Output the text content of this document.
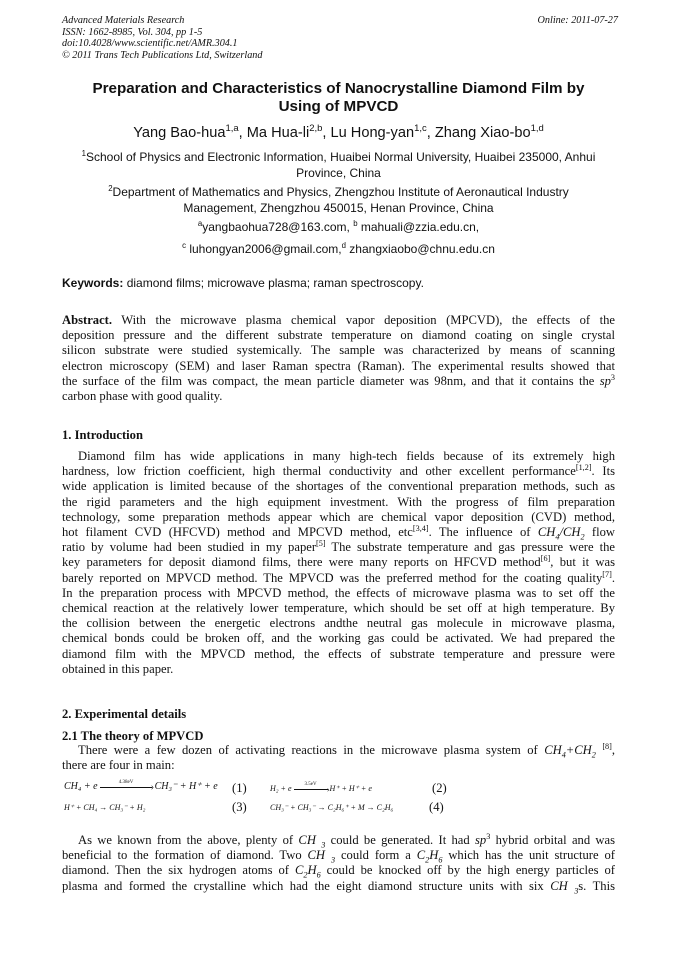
Advanced Materials Research
ISSN: 1662-8985, Vol. 304, pp 1-5
doi:10.4028/www.scientific.net/AMR.304.1
© 2011 Trans Tech Publications Ltd, Switzerland
Online: 2011-07-27
Preparation and Characteristics of Nanocrystalline Diamond Film by
Using of MPVCD
Yang Bao-hua$^{1,a}$, Ma Hua-li$^{2,b}$, Lu Hong-yan$^{1,c}$, Zhang Xiao-bo$^{1,d}$
$^1$School of Physics and Electronic Information, Huaibei Normal University, Huaibei 235000, Anhui
Province, China
$^2$Department of Mathematics and Physics, Zhengzhou Institute of Aeronautical Industry
Management, Zhengzhou 450015, Henan Province, China
$^a$yangbaohua728@163.com, $^b$ mahuali@zzia.edu.cn,
$^c$ luhongyan2006@gmail.com,$^d$ zhangxiaobo@chnu.edu.cn
Keywords: diamond films; microwave plasma; raman spectroscopy.
Abstract. With the microwave plasma chemical vapor deposition (MPCVD), the effects of the
deposition pressure and the different substrate temperature on diamond coating on single crystal
silicon substrate were studied systemically. The sample was characterized by means of scanning
electron microscopy (SEM) and laser Raman spectra (Raman). The experimental results showed that
the surface of the film was compact, the mean particle diameter was 98nm, and that it contains the $sp^3$
carbon phase with good quality.
1. Introduction
Diamond film has wide applications in many high-tech fields because of its extremely high
hardness, low friction coefficient, high thermal conductivity and other excellent performance[1,2]. Its
wide application is limited because of the shortages of the conventional preparation methods, such as
the rigid parameters and the high equipment investment. With the progress of film preparation
technology, some preparation methods appear which are chemical vapor deposition (CVD) method,
hot filament CVD (HFCVD) method and MPCVD method, etc[3,4]. The influence of $CH_4/CH_2$ flow
ratio by volume had been studied in my paper[5] The substrate temperature and gas pressure were the
key parameters for deposit diamond films, there were many reports on HFCVD method[6], but it was
barely reported on MPVCD method. The MPVCD was the preferred method for the coating quality[7].
In the preparation process with MPCVD method, the effects of microwave plasma was to set off the
chemical reaction at the relatively lower temperature, which should be set off at high temperature. By
the collision between the energetic electrons andthe neutral gas molecule in microwave plasma,
chemical bonds could be broken off, and the working gas could be activated. We had prepared the
diamond film with the MPVCD method, the effects of substrate temperature and pressure were
obtained in this paper.
2. Experimental details
2.1 The theory of MPVCD
There were a few dozen of activating reactions in the microwave plasma system of $CH_4+CH_2$ [8],
there are four in main:
CH₄ + e	$^{4.38eV}$ › CH₃⁻ + H⁺ + e (1)	H₂ + e	$^{3.5eV}$
› H⁺ + H⁺ + e	(2)
H⁺ + CH₄ → CH₃⁻ + H₂	(3)	CH₃⁻ + CH₃⁻ → C₂H₆⁺ + M → C₂H₆	(4)
As we known from the above, plenty of CH $_3$ could be generated. It had $sp^3$ hybrid orbital and was
beneficial to the formation of diamond. Two CH $_3$ could form a $C_2H_6$ which has the unit structure of
diamond. Then the six hydrogen atoms of $C_2H_6$ could be knocked off by the high energy particles of
plasma and formed the crystalline which had the eight diamond structure units with six CH $_3$s. This
